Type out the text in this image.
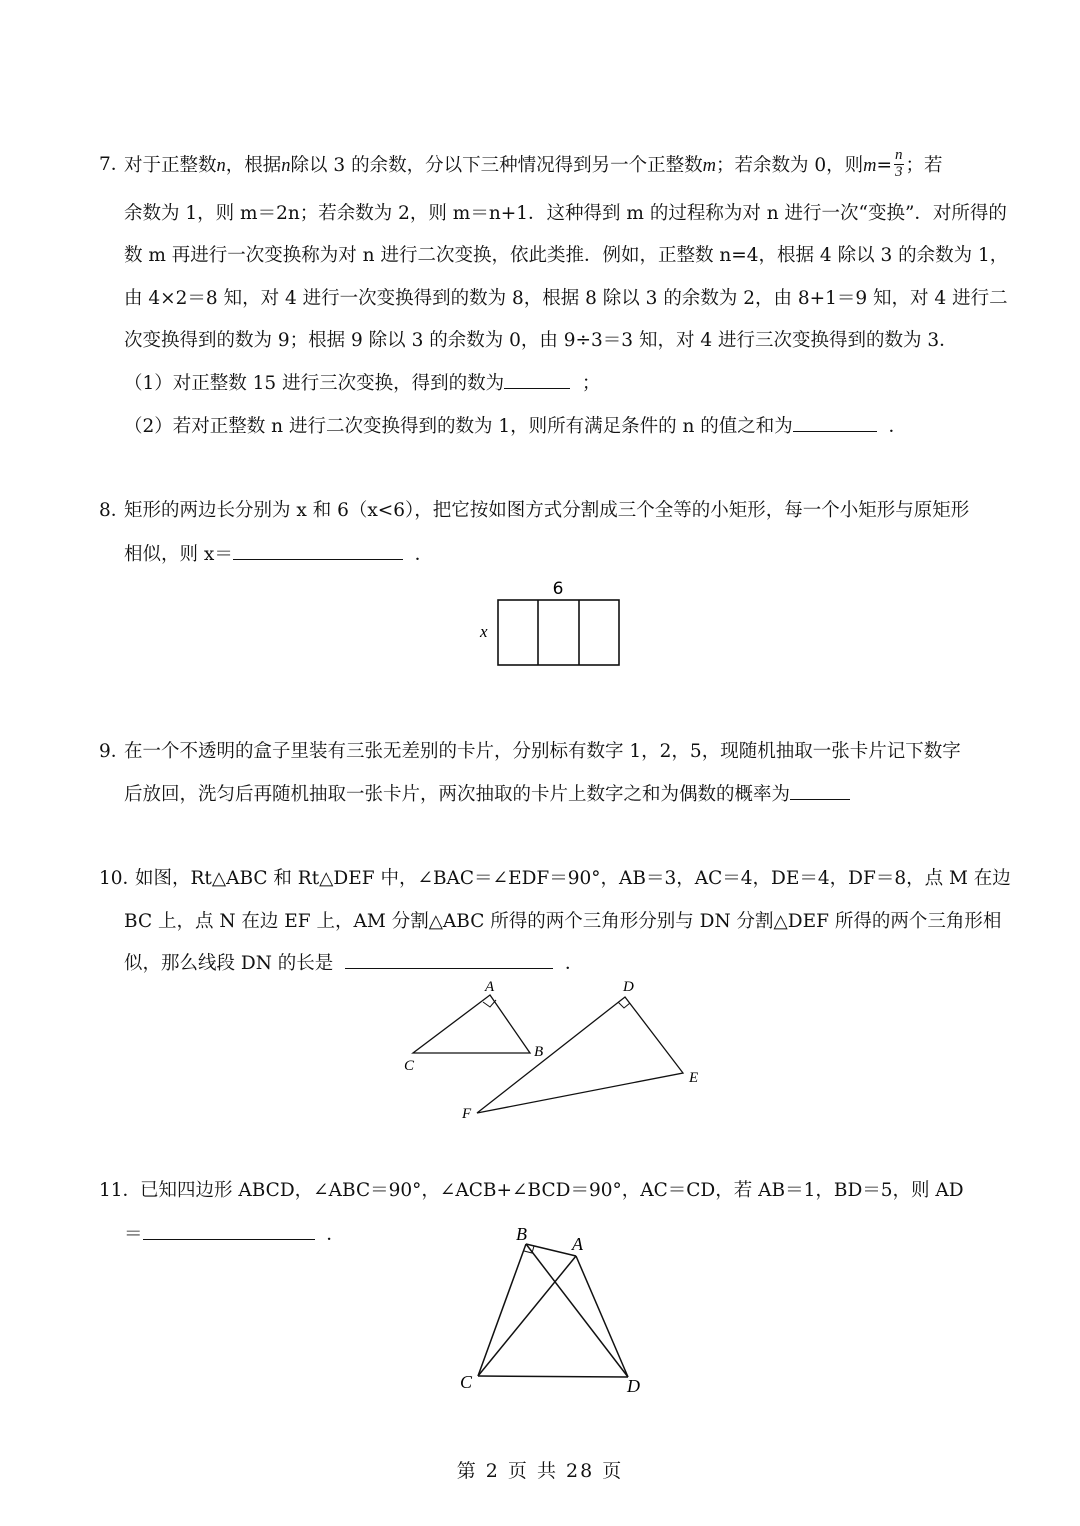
7．
对于正整数n，根据n除以 3 的余数，分以下三种情况得到另一个正整数m；若余数为 0，则$m= \frac{n}{3}$ ；若
余数为 1，则 m＝2n；若余数为 2，则 m＝n+1．这种得到 m 的过程称为对 n 进行一次“变换”．对所得的
数 m 再进行一次变换称为对 n 进行二次变换，依此类推．例如，正整数 n=4，根据 4 除以 3 的余数为 1，
由 4×2＝8 知，对 4 进行一次变换得到的数为 8，根据 8 除以 3 的余数为 2，由 8+1＝9 知，对 4 进行二
次变换得到的数为 9；根据 9 除以 3 的余数为 0，由 9÷3＝3 知，对 4 进行三次变换得到的数为 3．
（1）对正整数 15 进行三次变换，得到的数为	；
（2）若对正整数 n 进行二次变换得到的数为 1，则所有满足条件的 n 的值之和为	．
8．
矩形的两边长分别为 x 和 6（x<6），把它按如图方式分割成三个全等的小矩形，每一个小矩形与原矩形
相似，则 x＝	．
6
x
9．
在一个不透明的盒子里装有三张无差别的卡片，分别标有数字 1，2，5，现随机抽取一张卡片记下数字
后放回，洗匀后再随机抽取一张卡片，两次抽取的卡片上数字之和为偶数的概率为
10．
如图，Rt△ABC 和 Rt△DEF 中，∠BAC＝∠EDF＝90°，AB＝3，AC＝4，DE＝4，DF＝8，点 M 在边
BC 上，点 N 在边 EF 上，AM 分割△ABC 所得的两个三角形分别与 DN 分割△DEF 所得的两个三角形相
似，那么线段 DN 的长是	．
A
B
C
D
E
F
11．
已知四边形 ABCD，∠ABC＝90°，∠ACB+∠BCD＝90°，AC＝CD，若 AB＝1，BD＝5，则 AD
＝	．	B	A
C	D
第 2 页 共 28 页
